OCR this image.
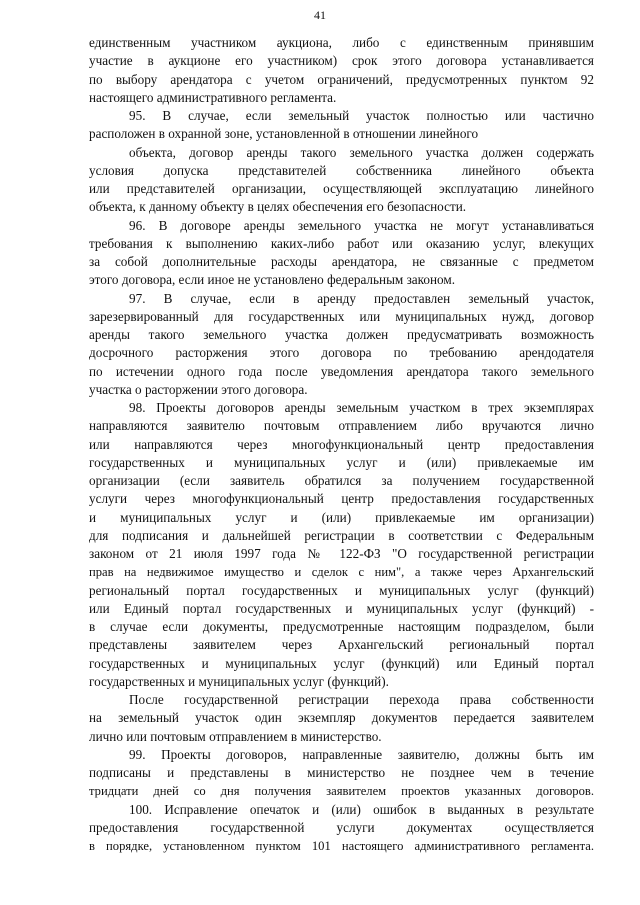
41
единственным участником аукциона, либо с единственным принявшим
участие в аукционе его участником) срок этого договора устанавливается
по выбору арендатора с учетом ограничений, предусмотренных пунктом 92
настоящего административного регламента.
95. В случае, если земельный участок полностью или частично
расположен в охранной зоне, установленной в отношении линейного
объекта, договор аренды такого земельного участка должен содержать
условия допуска представителей собственника линейного объекта
или представителей организации, осуществляющей эксплуатацию линейного
объекта, к данному объекту в целях обеспечения его безопасности.
96. В договоре аренды земельного участка не могут устанавливаться
требования к выполнению каких-либо работ или оказанию услуг, влекущих
за собой дополнительные расходы арендатора, не связанные с предметом
этого договора, если иное не установлено федеральным законом.
97. В случае, если в аренду предоставлен земельный участок,
зарезервированный для государственных или муниципальных нужд, договор
аренды такого земельного участка должен предусматривать возможность
досрочного расторжения этого договора по требованию арендодателя
по истечении одного года после уведомления арендатора такого земельного
участка о расторжении этого договора.
98. Проекты договоров аренды земельным участком в трех экземплярах
направляются заявителю почтовым отправлением либо вручаются лично
или направляются через многофункциональный центр предоставления
государственных и муниципальных услуг и (или) привлекаемые им
организации (если заявитель обратился за получением государственной
услуги через многофункциональный центр предоставления государственных
и муниципальных услуг и (или) привлекаемые им организации)
для подписания и дальнейшей регистрации в соответствии с Федеральным
законом от 21 июля 1997 года № 122-ФЗ "О государственной регистрации
прав на недвижимое имущество и сделок с ним", а также через Архангельский
региональный портал государственных и муниципальных услуг (функций)
или Единый портал государственных и муниципальных услуг (функций) -
в случае если документы, предусмотренные настоящим подразделом, были
представлены заявителем через Архангельский региональный портал
государственных и муниципальных услуг (функций) или Единый портал
государственных и муниципальных услуг (функций).
После государственной регистрации перехода права собственности
на земельный участок один экземпляр документов передается заявителем
лично или почтовым отправлением в министерство.
99. Проекты договоров, направленные заявителю, должны быть им
подписаны и представлены в министерство не позднее чем в течение
тридцати дней со дня получения заявителем проектов указанных договоров.
100. Исправление опечаток и (или) ошибок в выданных в результате
предоставления государственной услуги документах осуществляется
в порядке, установленном пунктом 101 настоящего административного регламента.
